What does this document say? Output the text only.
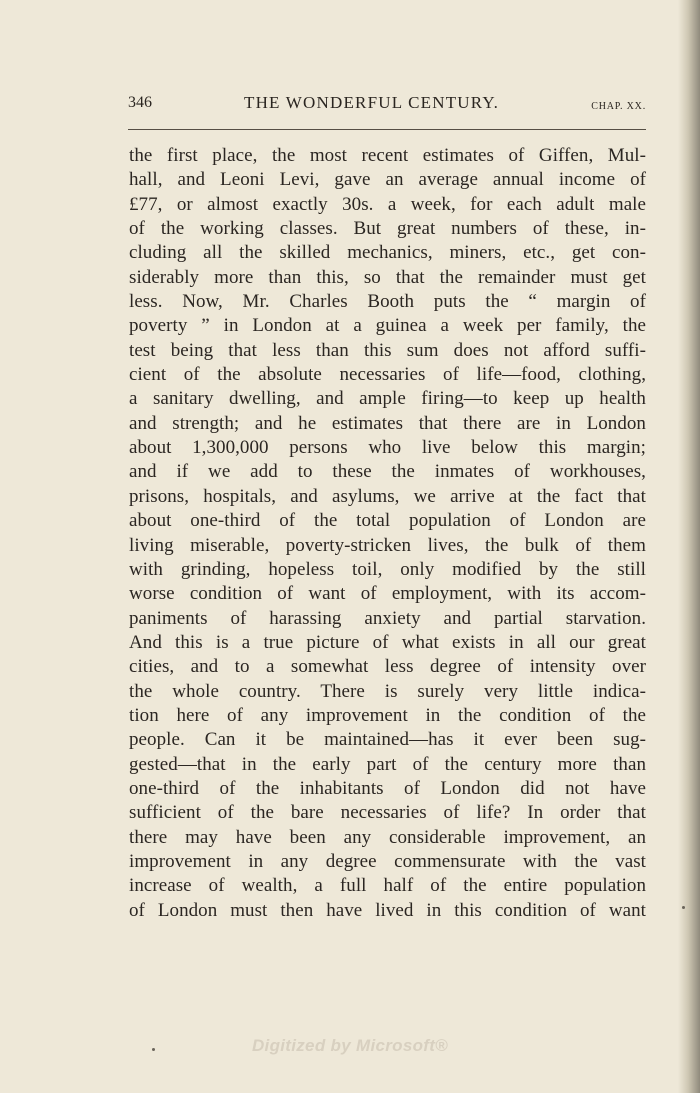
346	THE WONDERFUL CENTURY.	CHAP. XX.
the first place, the most recent estimates of Giffen, Mul-
hall, and Leoni Levi, gave an average annual income of
£77, or almost exactly 30s. a week, for each adult male
of the working classes. But great numbers of these, in-
cluding all the skilled mechanics, miners, etc., get con-
siderably more than this, so that the remainder must get
less. Now, Mr. Charles Booth puts the “ margin of
poverty ” in London at a guinea a week per family, the
test being that less than this sum does not afford suffi-
cient of the absolute necessaries of life—food, clothing,
a sanitary dwelling, and ample firing—to keep up health
and strength; and he estimates that there are in London
about 1,300,000 persons who live below this margin;
and if we add to these the inmates of workhouses,
prisons, hospitals, and asylums, we arrive at the fact that
about one-third of the total population of London are
living miserable, poverty-stricken lives, the bulk of them
with grinding, hopeless toil, only modified by the still
worse condition of want of employment, with its accom-
paniments of harassing anxiety and partial starvation.
And this is a true picture of what exists in all our great
cities, and to a somewhat less degree of intensity over
the whole country. There is surely very little indica-
tion here of any improvement in the condition of the
people. Can it be maintained—has it ever been sug-
gested—that in the early part of the century more than
one-third of the inhabitants of London did not have
sufficient of the bare necessaries of life? In order that
there may have been any considerable improvement, an
improvement in any degree commensurate with the vast
increase of wealth, a full half of the entire population
of London must then have lived in this condition of want
Digitized by Microsoft®
